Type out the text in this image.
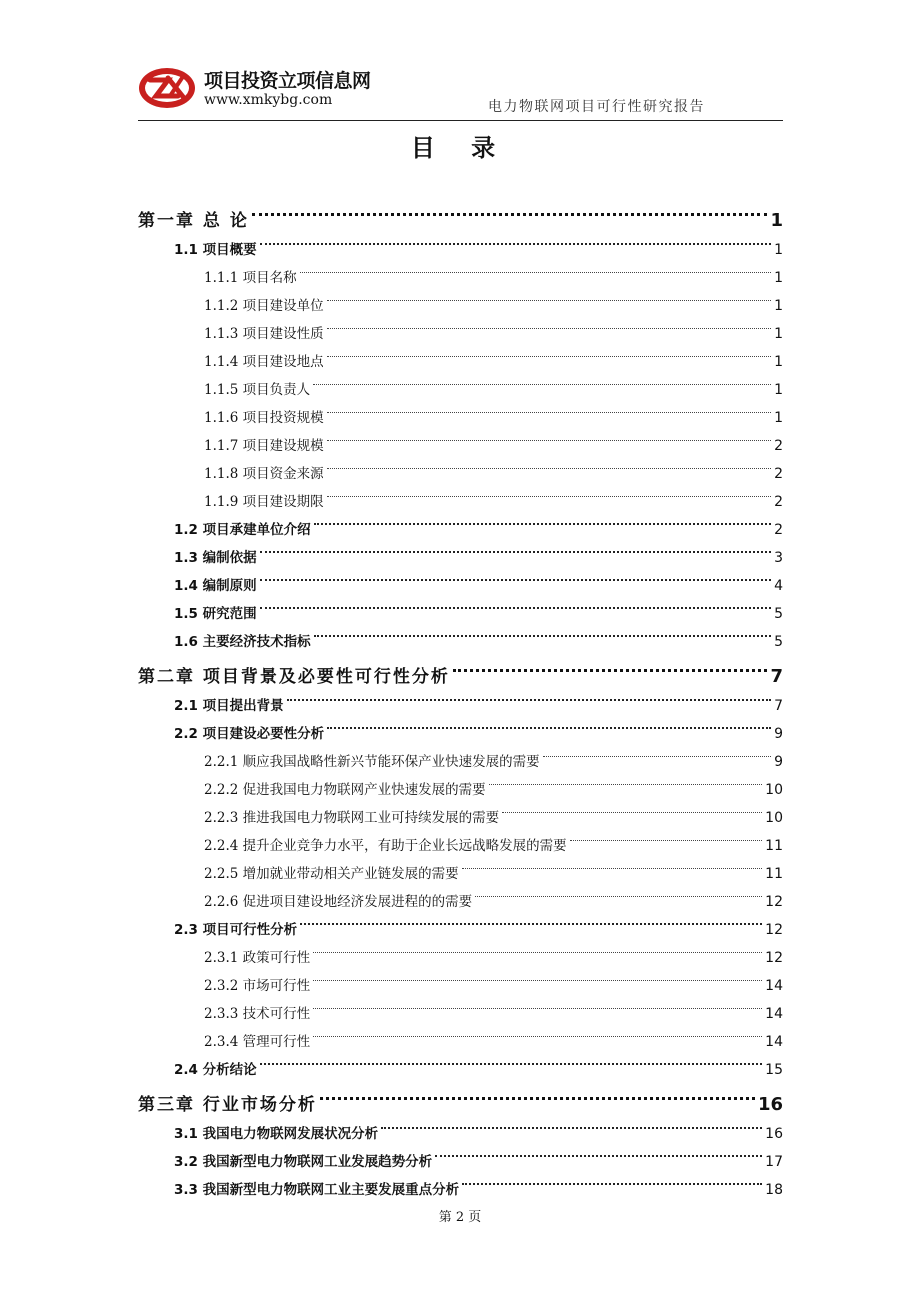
项目投资立项信息网
www.xmkybg.com	电力物联网项目可行性研究报告
目 录
第一章 总 论	1
1.1 项目概要	1
1.1.1 项目名称	1
1.1.2 项目建设单位	1
1.1.3 项目建设性质	1
1.1.4 项目建设地点	1
1.1.5 项目负责人	1
1.1.6 项目投资规模	1
1.1.7 项目建设规模	2
1.1.8 项目资金来源	2
1.1.9 项目建设期限	2
1.2 项目承建单位介绍	2
1.3 编制依据	3
1.4 编制原则	4
1.5 研究范围	5
1.6 主要经济技术指标	5
第二章 项目背景及必要性可行性分析	7
2.1 项目提出背景	7
2.2 项目建设必要性分析	9
2.2.1 顺应我国战略性新兴节能环保产业快速发展的需要	9
2.2.2 促进我国电力物联网产业快速发展的需要	10
2.2.3 推进我国电力物联网工业可持续发展的需要	10
2.2.4 提升企业竞争力水平，有助于企业长远战略发展的需要	11
2.2.5 增加就业带动相关产业链发展的需要	11
2.2.6 促进项目建设地经济发展进程的的需要	12
2.3 项目可行性分析	12
2.3.1 政策可行性	12
2.3.2 市场可行性	14
2.3.3 技术可行性	14
2.3.4 管理可行性	14
2.4 分析结论	15
第三章 行业市场分析	16
3.1 我国电力物联网发展状况分析	16
3.2 我国新型电力物联网工业发展趋势分析	17
3.3 我国新型电力物联网工业主要发展重点分析	18
第 2 页
